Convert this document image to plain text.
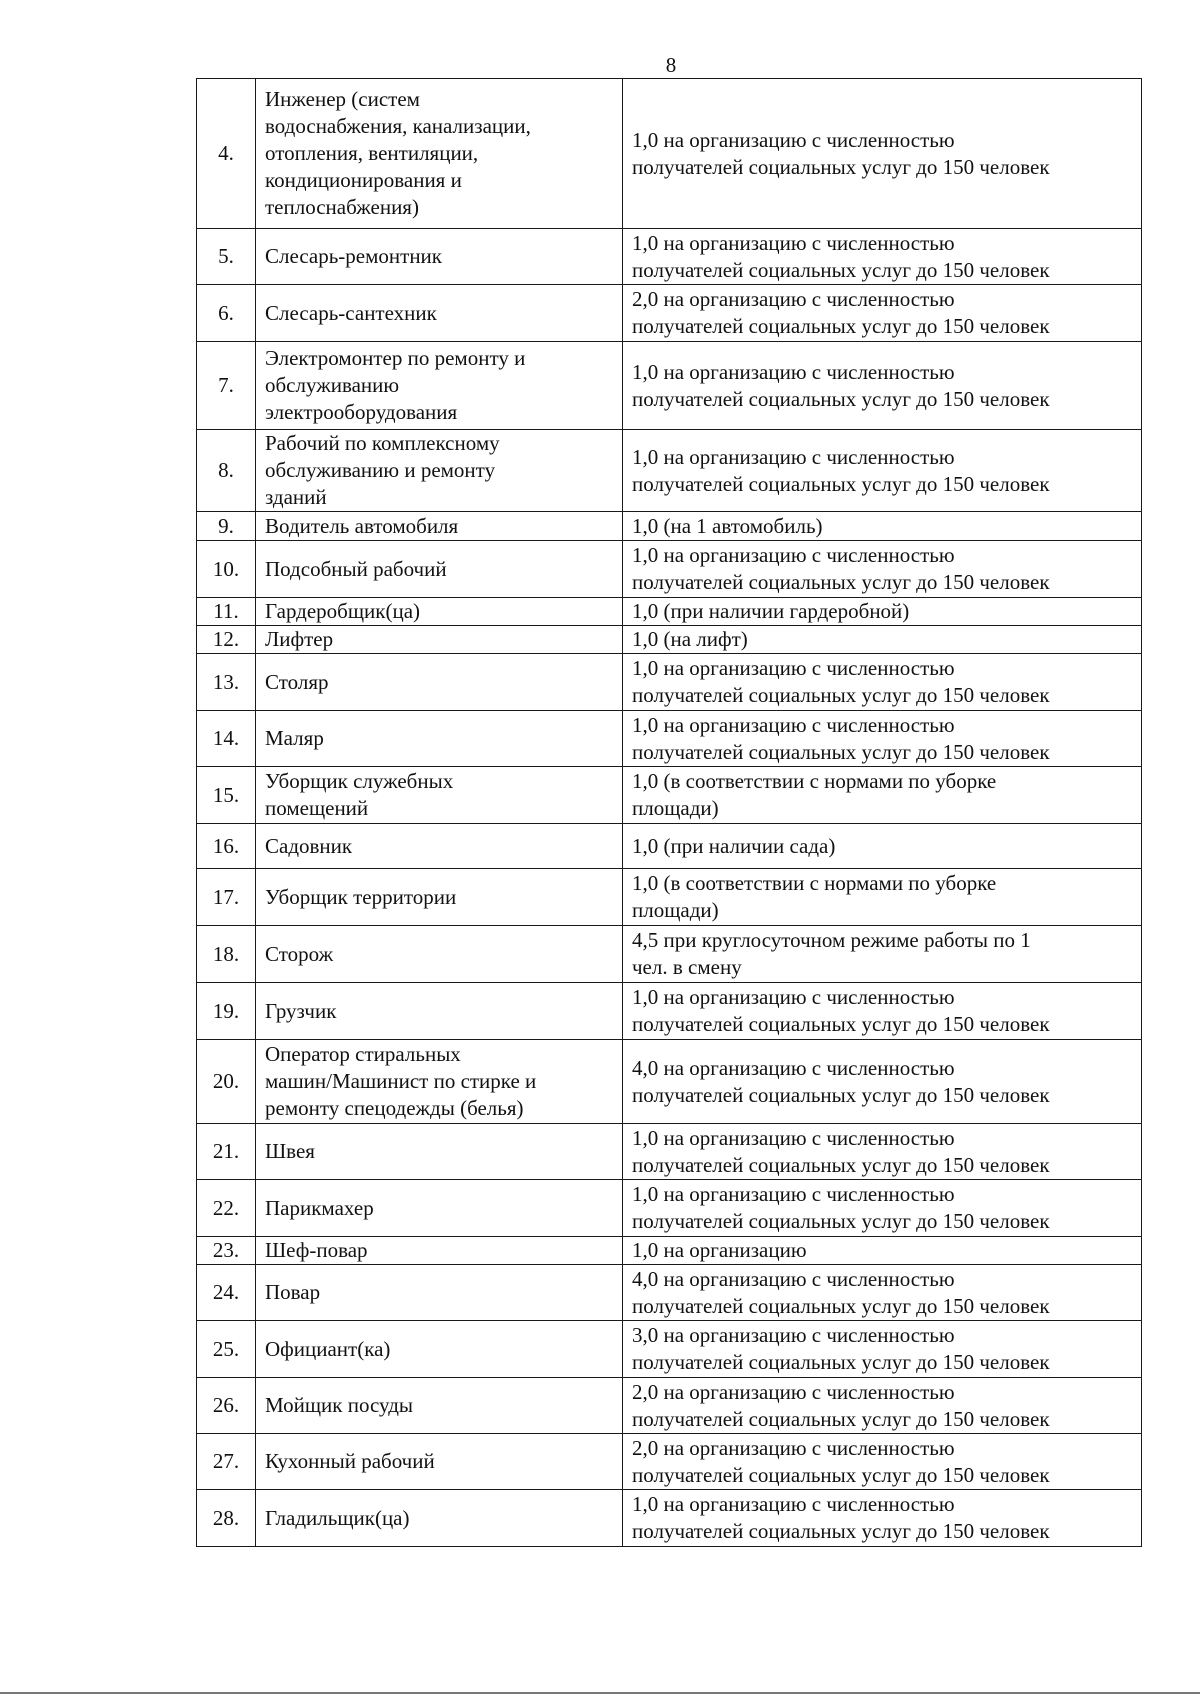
8
4.	Инженер (систем
водоснабжения, канализации,
отопления, вентиляции,
кондиционирования и
теплоснабжения)	1,0 на организацию с численностью
получателей социальных услуг до 150 человек
5.	Слесарь-ремонтник	1,0 на организацию с численностью
получателей социальных услуг до 150 человек
6.	Слесарь-сантехник	2,0 на организацию с численностью
получателей социальных услуг до 150 человек
7.	Электромонтер по ремонту и
обслуживанию
электрооборудования	1,0 на организацию с численностью
получателей социальных услуг до 150 человек
8.	Рабочий по комплексному
обслуживанию и ремонту
зданий	1,0 на организацию с численностью
получателей социальных услуг до 150 человек
9.	Водитель автомобиля	1,0 (на 1 автомобиль)
10.	Подсобный рабочий	1,0 на организацию с численностью
получателей социальных услуг до 150 человек
11.	Гардеробщик(ца)	1,0 (при наличии гардеробной)
12.	Лифтер	1,0 (на лифт)
13.	Столяр	1,0 на организацию с численностью
получателей социальных услуг до 150 человек
14.	Маляр	1,0 на организацию с численностью
получателей социальных услуг до 150 человек
15.	Уборщик служебных
помещений	1,0 (в соответствии с нормами по уборке
площади)
16.	Садовник	1,0 (при наличии сада)
17.	Уборщик территории	1,0 (в соответствии с нормами по уборке
площади)
18.	Сторож	4,5 при круглосуточном режиме работы по 1
чел. в смену
19.	Грузчик	1,0 на организацию с численностью
получателей социальных услуг до 150 человек
20.	Оператор стиральных
машин/Машинист по стирке и
ремонту спецодежды (белья)	4,0 на организацию с численностью
получателей социальных услуг до 150 человек
21.	Швея	1,0 на организацию с численностью
получателей социальных услуг до 150 человек
22.	Парикмахер	1,0 на организацию с численностью
получателей социальных услуг до 150 человек
23.	Шеф-повар	1,0 на организацию
24.	Повар	4,0 на организацию с численностью
получателей социальных услуг до 150 человек
25.	Официант(ка)	3,0 на организацию с численностью
получателей социальных услуг до 150 человек
26.	Мойщик посуды	2,0 на организацию с численностью
получателей социальных услуг до 150 человек
27.	Кухонный рабочий	2,0 на организацию с численностью
получателей социальных услуг до 150 человек
28.	Гладильщик(ца)	1,0 на организацию с численностью
получателей социальных услуг до 150 человек
